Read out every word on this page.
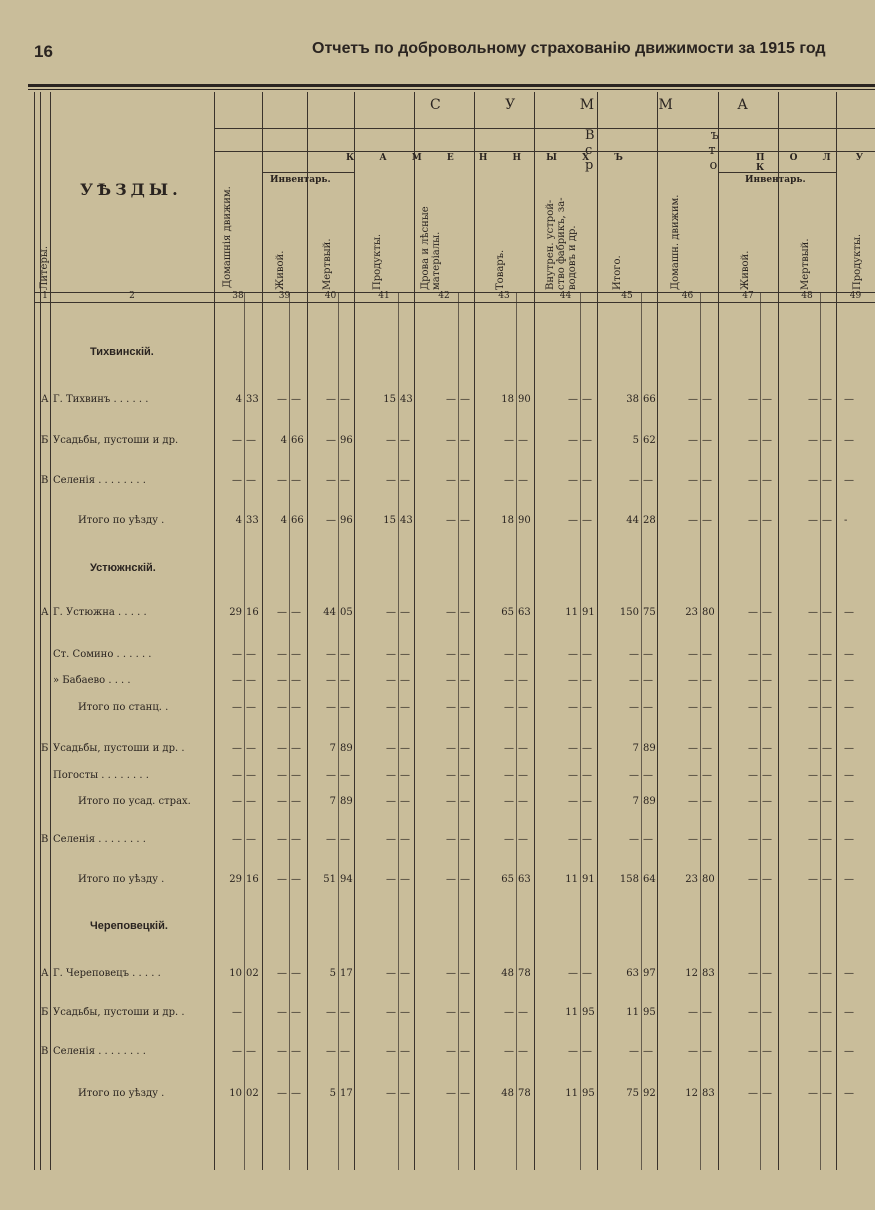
16	Отчетъ по добровольному страхованію движимости за 1915 год
С У М М А
В ъ с т р о
К А М Е Н Н Ы Х Ъ	П О Л У К
Инвентарь.	Инвентарь.
Литеры.
УѢЗДЫ.	Домашнія движим.	Живой.	Мертвый.	Продукты.	Дрова и лѣсные
матеріалы.	Товаръ.	Внутрен. устрой-
ство фабрикъ, за-
водовъ и др.
Итого.	Домашн. движим.	Живой.	Мертвый.	Продукты.
1	2	38	39	40	41	42	43	44	45	46	47	48	49
Тихвинскій.
А Г. Тихвинъ . . . . . .	4 33	— —	— —	15 43	— —	18 90	— —	38 66	— —	— —	— —	—
Б Усадьбы, пустоши и др.	— —	4 66	— 96	— —	— —	— —	— —	5 62	— —	— —	— —	—
В Селенія . . . . . . . .	— —	— —	— —	— —	— —	— —	— —	— —	— —	— —	— —	—
Итого по уѣзду .	4 33	4 66	— 96	15 43	— —	18 90	— —	44 28	— —	— —	— —	-
Устюжнскій.
А Г. Устюжна . . . . .	29 16	— —	44 05	— —	— —	65 63	11 91	150 75	23 80	— —	— —	—
Ст. Сомино . . . . . .	— —	— —	— —	— —	— —	— —	— —	— —	— —	— —	— —	—
» Бабаево . . . .	— —	— —	— —	— —	— —	— —	— —	— —	— —	— —	— —	—
Итого по станц. .	— —	— —	— —	— —	— —	— —	— —	— —	— —	— —	— —	—
Б Усадьбы, пустоши и др. .	— —	— —	7 89	— —	— —	— —	— —	7 89	— —	— —	— —	—
Погосты . . . . . . . .	— —	— —	— —	— —	— —	— —	— —	— —	— —	— —	— —	—
Итого по усад. страх.	— —	— —	7 89	— —	— —	— —	— —	7 89	— —	— —	— —	—
В Селенія . . . . . . . .	— —	— —	— —	— —	— —	— —	— —	— —	— —	— —	— —	—
Итого по уѣзду .	29 16	— —	51 94	— —	— —	65 63	11 91	158 64	23 80	— —	— —	—
Череповецкій.
А Г. Череповецъ . . . . .	10 02	— —	5 17	— —	— —	48 78	— —	63 97	12 83	— —	— —	—
Б Усадьбы, пустоши и др. .	—	— —	— —	— —	— —	— —	11 95	11 95	— —	— —	— —	—
В Селенія . . . . . . . .	— —	— —	— —	— —	— —	— —	— —	— —	— —	— —	— —	—
Итого по уѣзду .	10 02	— —	5 17	— —	— —	48 78	11 95	75 92	12 83	— —	— —	—
